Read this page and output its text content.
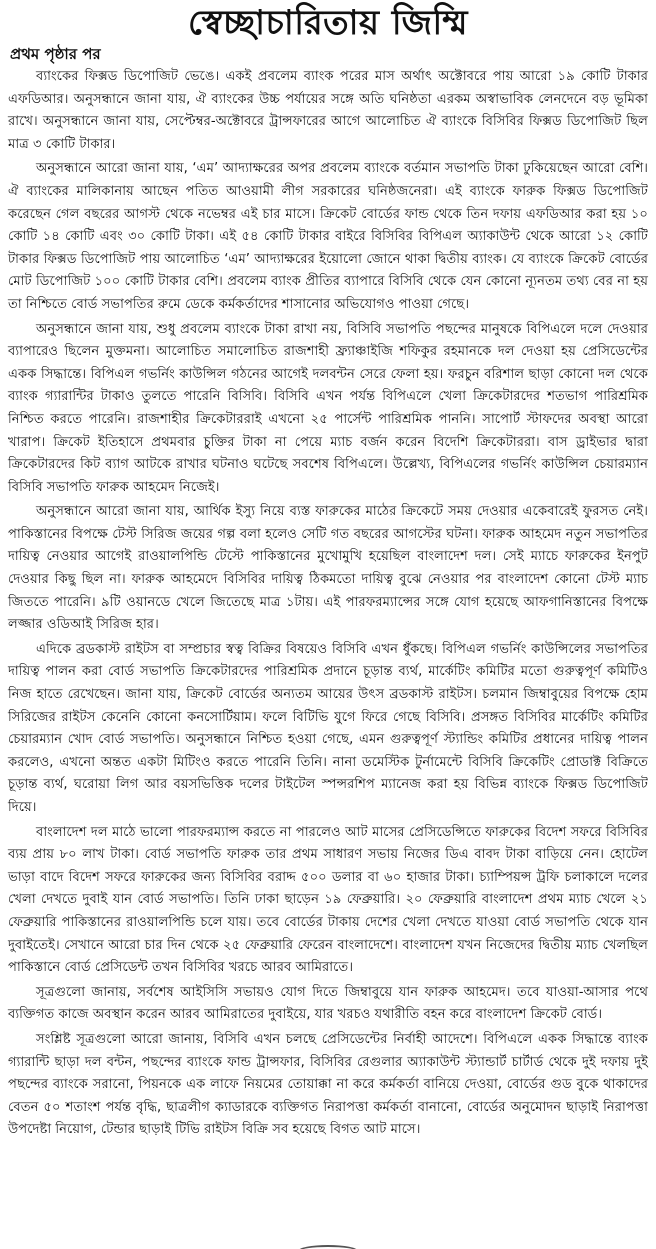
স্বেচ্ছাচারিতায় জিম্মি
প্রথম পৃষ্ঠার পর

ব্যাংকের ফিক্সড ডিপোজিট ভেঙে। একই প্রবলেম ব্যাংক পরের মাস অর্থাৎ অক্টোবরে পায় আরো ১৯ কোটি টাকার এফডিআর। অনুসন্ধানে জানা যায়, ঐ ব্যাংকের উচ্চ পর্যায়ের সঙ্গে অতি ঘনিষ্ঠতা এরকম অস্বাভাবিক লেনদেনে বড় ভূমিকা রাখে। অনুসন্ধানে জানা যায়, সেপ্টেম্বর-অক্টোবরে ট্রান্সফারের আগে আলোচিত ঐ ব্যাংকে বিসিবির ফিক্সড ডিপোজিট ছিল মাত্র ৩ কোটি টাকার।

অনুসন্ধানে আরো জানা যায়, ‘এম’ আদ্যাক্ষরের অপর প্রবলেম ব্যাংকে বর্তমান সভাপতি টাকা ঢুকিয়েছেন আরো বেশি। ঐ ব্যাংকের মালিকানায় আছেন পতিত আওয়ামী লীগ সরকারের ঘনিষ্ঠজনেরা। এই ব্যাংকে ফারুক ফিক্সড ডিপোজিট করেছেন গেল বছরের আগস্ট থেকে নভেম্বর এই চার মাসে। ক্রিকেট বোর্ডের ফান্ড থেকে তিন দফায় এফডিআর করা হয় ১০ কোটি ১৪ কোটি এবং ৩০ কোটি টাকা। এই ৫৪ কোটি টাকার বাইরে বিসিবির বিপিএল অ্যাকাউন্ট থেকে আরো ১২ কোটি টাকার ফিক্সড ডিপোজিট পায় আলোচিত ‘এম’ আদ্যাক্ষরের ইয়োলো জোনে থাকা দ্বিতীয় ব্যাংক। যে ব্যাংকে ক্রিকেট বোর্ডের মোট ডিপোজিট ১০০ কোটি টাকার বেশি। প্রবলেম ব্যাংক প্রীতির ব্যাপারে বিসিবি থেকে যেন কোনো ন্যূনতম তথ্য বের না হয় তা নিশ্চিতে বোর্ড সভাপতির রুমে ডেকে কর্মকর্তাদের শাসানোর অভিযোগও পাওয়া গেছে।

অনুসন্ধানে জানা যায়, শুধু প্রবলেম ব্যাংকে টাকা রাখা নয়, বিসিবি সভাপতি পছন্দের মানুষকে বিপিএলে দলে দেওয়ার ব্যাপারেও ছিলেন মুক্তমনা। আলোচিত সমালোচিত রাজশাহী ফ্র্যাঞ্চাইজি শফিকুর রহমানকে দল দেওয়া হয় প্রেসিডেন্টের একক সিদ্ধান্তে। বিপিএল গভর্নিং কাউন্সিল গঠনের আগেই দলবন্টন সেরে ফেলা হয়। ফরচুন বরিশাল ছাড়া কোনো দল থেকে ব্যাংক গ্যারান্টির টাকাও তুলতে পারেনি বিসিবি। বিসিবি এখন পর্যন্ত বিপিএলে খেলা ক্রিকেটারদের শতভাগ পারিশ্রমিক নিশ্চিত করতে পারেনি। রাজশাহীর ক্রিকেটাররাই এখনো ২৫ পার্সেন্ট পারিশ্রমিক পাননি। সাপোর্ট স্টাফদের অবস্থা আরো খারাপ। ক্রিকেট ইতিহাসে প্রথমবার চুক্তির টাকা না পেয়ে ম্যাচ বর্জন করেন বিদেশি ক্রিকেটাররা। বাস ড্রাইভার দ্বারা ক্রিকেটারদের কিট ব্যাগ আটকে রাখার ঘটনাও ঘটেছে সবশেষ বিপিএলে। উল্লেখ্য, বিপিএলের গভর্নিং কাউন্সিল চেয়ারম্যান বিসিবি সভাপতি ফারুক আহমেদ নিজেই।

অনুসন্ধানে আরো জানা যায়, আর্থিক ইস্যু নিয়ে ব্যস্ত ফারুকের মাঠের ক্রিকেটে সময় দেওয়ার একেবারেই ফুরসত নেই। পাকিস্তানের বিপক্ষে টেস্ট সিরিজ জয়ের গল্প বলা হলেও সেটি গত বছরের আগস্টের ঘটনা। ফারুক আহমেদ নতুন সভাপতির দায়িত্ব নেওয়ার আগেই রাওয়ালপিন্ডি টেস্টে পাকিস্তানের মুখোমুখি হয়েছিল বাংলাদেশ দল। সেই ম্যাচে ফারুকের ইনপুট দেওয়ার কিছু ছিল না। ফারুক আহমেদে বিসিবির দায়িত্ব ঠিকমতো দায়িত্ব বুঝে নেওয়ার পর বাংলাদেশ কোনো টেস্ট ম্যাচ জিততে পারেনি। ৯টি ওয়ানডে খেলে জিতেছে মাত্র ১টায়। এই পারফরম্যান্সের সঙ্গে যোগ হয়েছে আফগানিস্তানের বিপক্ষে লজ্জার ওডিআই সিরিজ হার।

এদিকে ব্রডকাস্ট রাইটস বা সম্প্রচার স্বত্ব বিক্রির বিষয়েও বিসিবি এখন ধুঁকছে। বিপিএল গভর্নিং কাউন্সিলের সভাপতির দায়িত্ব পালন করা বোর্ড সভাপতি ক্রিকেটারদের পারিশ্রমিক প্রদানে চূড়ান্ত ব্যর্থ, মার্কেটিং কমিটির মতো গুরুত্বপূর্ণ কমিটিও নিজ হাতে রেখেছেন। জানা যায়, ক্রিকেট বোর্ডের অন্যতম আয়ের উৎস ব্রডকাস্ট রাইটস। চলমান জিম্বাবুয়ের বিপক্ষে হোম সিরিজের রাইটস কেনেনি কোনো কনসোর্টিয়াম। ফলে বিটিভি যুগে ফিরে গেছে বিসিবি। প্রসঙ্গত বিসিবির মার্কেটিং কমিটির চেয়ারম্যান খোদ বোর্ড সভাপতি। অনুসন্ধানে নিশ্চিত হওয়া গেছে, এমন গুরুত্বপূর্ণ স্ট্যান্ডিং কমিটির প্রধানের দায়িত্ব পালন করলেও, এখনো অন্তত একটা মিটিংও করতে পারেনি তিনি। নানা ডমেস্টিক টুর্নামেন্টে বিসিবি ক্রিকেটিং প্রোডাক্ট বিক্রিতে চূড়ান্ত ব্যর্থ, ঘরোয়া লিগ আর বয়সভিত্তিক দলের টাইটেল স্পন্সরশিপ ম্যানেজ করা হয় বিভিন্ন ব্যাংকে ফিক্সড ডিপোজিট দিয়ে।

বাংলাদেশ দল মাঠে ভালো পারফরম্যান্স করতে না পারলেও আট মাসের প্রেসিডেন্সিতে ফারুকের বিদেশ সফরে বিসিবির ব্যয় প্রায় ৮০ লাখ টাকা। বোর্ড সভাপতি ফারুক তার প্রথম সাধারণ সভায় নিজের ডিএ বাবদ টাকা বাড়িয়ে নেন। হোটেল ভাড়া বাদে বিদেশ সফরে ফারুকের জন্য বিসিবির বরাদ্দ ৫০০ ডলার বা ৬০ হাজার টাকা। চ্যাম্পিয়ন্স ট্রফি চলাকালে দলের খেলা দেখতে দুবাই যান বোর্ড সভাপতি। তিনি ঢাকা ছাড়েন ১৯ ফেব্রুয়ারি। ২০ ফেব্রুয়ারি বাংলাদেশ প্রথম ম্যাচ খেলে ২১ ফেব্রুয়ারি পাকিস্তানের রাওয়ালপিন্ডি চলে যায়। তবে বোর্ডের টাকায় দেশের খেলা দেখতে যাওয়া বোর্ড সভাপতি থেকে যান দুবাইতেই। সেখানে আরো চার দিন থেকে ২৫ ফেব্রুয়ারি ফেরেন বাংলাদেশে। বাংলাদেশ যখন নিজেদের দ্বিতীয় ম্যাচ খেলছিল পাকিস্তানে বোর্ড প্রেসিডেন্ট তখন বিসিবির খরচে আরব আমিরাতে।

সূত্রগুলো জানায়, সর্বশেষ আইসিসি সভায়ও যোগ দিতে জিম্বাবুয়ে যান ফারুক আহমেদ। তবে যাওয়া-আসার পথে ব্যক্তিগত কাজে অবস্থান করেন আরব আমিরাতের দুবাইয়ে, যার খরচও যথারীতি বহন করে বাংলাদেশ ক্রিকেট বোর্ড।

সংশ্লিষ্ট সূত্রগুলো আরো জানায়, বিসিবি এখন চলছে প্রেসিডেন্টের নির্বাহী আদেশে। বিপিএলে একক সিদ্ধান্তে ব্যাংক গ্যারান্টি ছাড়া দল বন্টন, পছন্দের ব্যাংকে ফান্ড ট্রান্সফার, বিসিবির রেগুলার অ্যাকাউন্ট স্ট্যান্ডার্ট চার্টার্ড থেকে দুই দফায় দুই পছন্দের ব্যাংকে সরানো, পিয়নকে এক লাফে নিয়মের তোয়াক্কা না করে কর্মকর্তা বানিয়ে দেওয়া, বোর্ডের গুড বুকে থাকাদের বেতন ৫০ শতাংশ পর্যন্ত বৃদ্ধি, ছাত্রলীগ ক্যাডারকে ব্যক্তিগত নিরাপত্তা কর্মকর্তা বানানো, বোর্ডের অনুমোদন ছাড়াই নিরাপত্তা উপদেষ্টা নিয়োগ, টেন্ডার ছাড়াই টিভি রাইটস বিক্রি সব হয়েছে বিগত আট মাসে।
